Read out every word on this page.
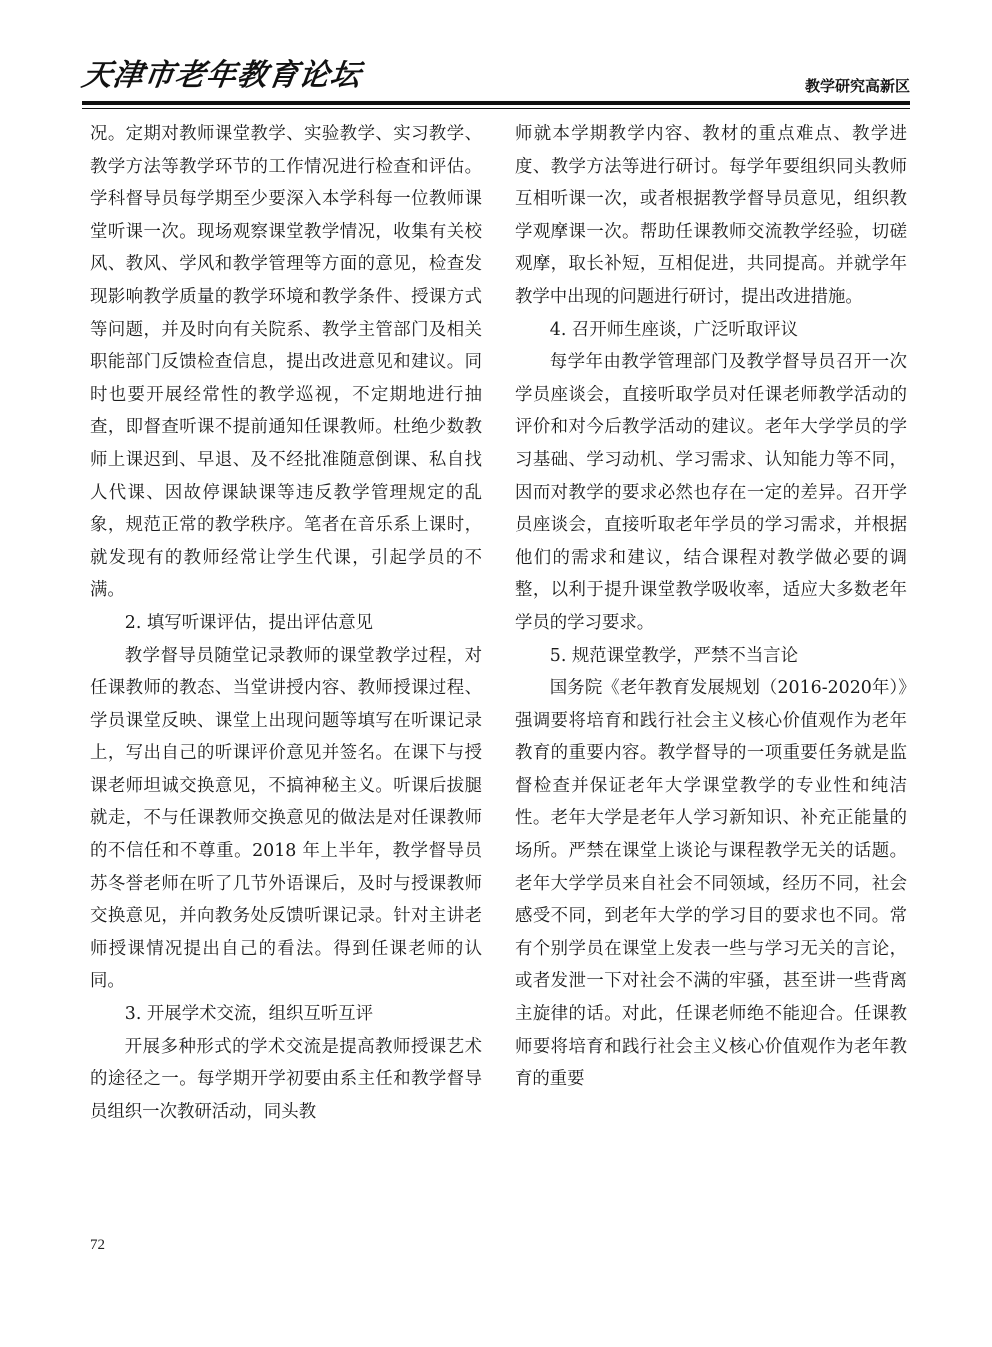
天津市老年教育论坛	教学研究高新区

况。定期对教师课堂教学、实验教学、实习教学、教学方法等教学环节的工作情况进行检查和评估。学科督导员每学期至少要深入本学科每一位教师课堂听课一次。现场观察课堂教学情况，收集有关校风、教风、学风和教学管理等方面的意见，检查发现影响教学质量的教学环境和教学条件、授课方式等问题，并及时向有关院系、教学主管部门及相关职能部门反馈检查信息，提出改进意见和建议。同时也要开展经常性的教学巡视，不定期地进行抽查，即督查听课不提前通知任课教师。杜绝少数教师上课迟到、早退、及不经批准随意倒课、私自找人代课、因故停课缺课等违反教学管理规定的乱象，规范正常的教学秩序。笔者在音乐系上课时，就发现有的教师经常让学生代课，引起学员的不满。

2. 填写听课评估，提出评估意见

教学督导员随堂记录教师的课堂教学过程，对任课教师的教态、当堂讲授内容、教师授课过程、学员课堂反映、课堂上出现问题等填写在听课记录上，写出自己的听课评价意见并签名。在课下与授课老师坦诚交换意见，不搞神秘主义。听课后拔腿就走，不与任课教师交换意见的做法是对任课教师的不信任和不尊重。2018 年上半年，教学督导员苏冬誉老师在听了几节外语课后，及时与授课教师交换意见，并向教务处反馈听课记录。针对主讲老师授课情况提出自己的看法。得到任课老师的认同。

3. 开展学术交流，组织互听互评

开展多种形式的学术交流是提高教师授课艺术的途径之一。每学期开学初要由系主任和教学督导员组织一次教研活动，同头教

师就本学期教学内容、教材的重点难点、教学进度、教学方法等进行研讨。每学年要组织同头教师互相听课一次，或者根据教学督导员意见，组织教学观摩课一次。帮助任课教师交流教学经验，切磋观摩，取长补短，互相促进，共同提高。并就学年教学中出现的问题进行研讨，提出改进措施。

4. 召开师生座谈，广泛听取评议

每学年由教学管理部门及教学督导员召开一次学员座谈会，直接听取学员对任课老师教学活动的评价和对今后教学活动的建议。老年大学学员的学习基础、学习动机、学习需求、认知能力等不同，因而对教学的要求必然也存在一定的差异。召开学员座谈会，直接听取老年学员的学习需求，并根据他们的需求和建议，结合课程对教学做必要的调整，以利于提升课堂教学吸收率，适应大多数老年学员的学习要求。

5. 规范课堂教学，严禁不当言论

国务院《老年教育发展规划（2016-2020年）》强调要将培育和践行社会主义核心价值观作为老年教育的重要内容。教学督导的一项重要任务就是监督检查并保证老年大学课堂教学的专业性和纯洁性。老年大学是老年人学习新知识、补充正能量的场所。严禁在课堂上谈论与课程教学无关的话题。老年大学学员来自社会不同领域，经历不同，社会感受不同，到老年大学的学习目的要求也不同。常有个别学员在课堂上发表一些与学习无关的言论，或者发泄一下对社会不满的牢骚，甚至讲一些背离主旋律的话。对此，任课老师绝不能迎合。任课教师要将培育和践行社会主义核心价值观作为老年教育的重要

72
